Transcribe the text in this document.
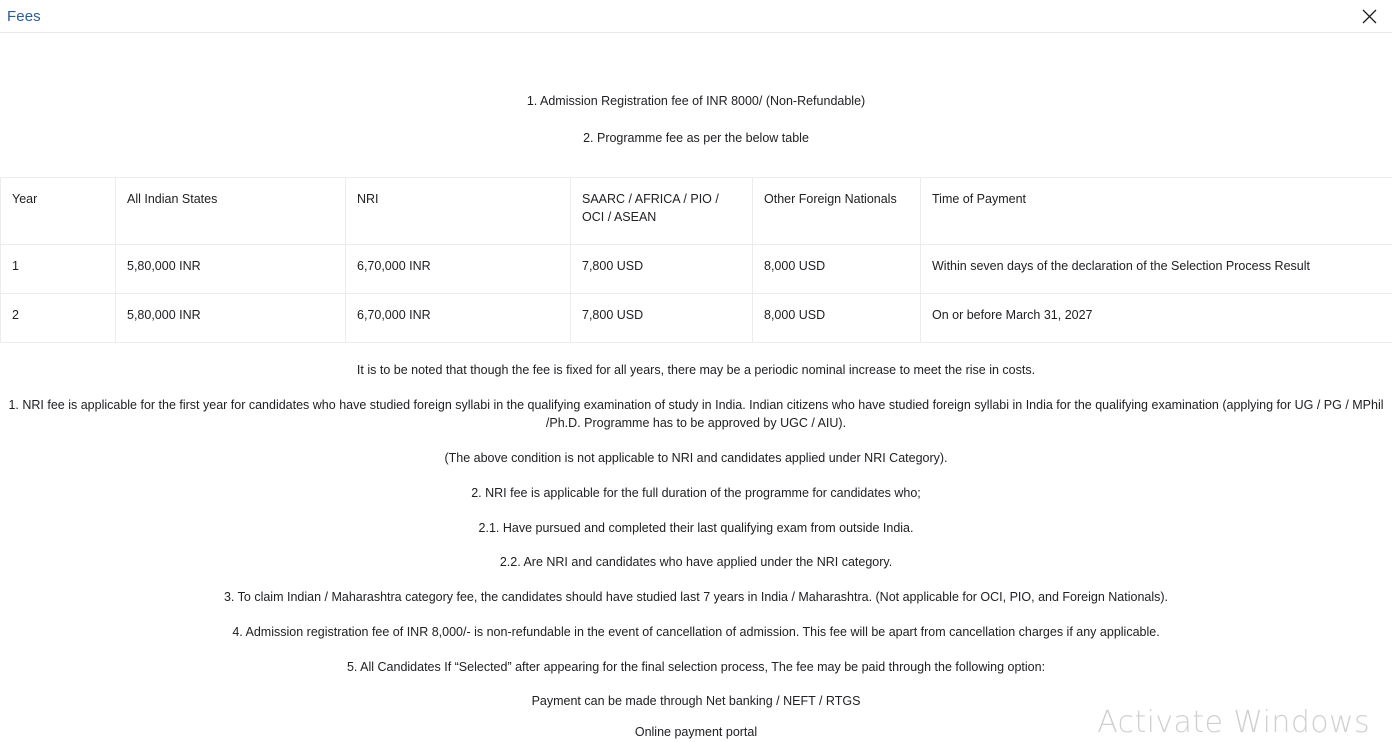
Fees
1. Admission Registration fee of INR 8000/ (Non-Refundable)
2. Programme fee as per the below table
Year	All Indian States	NRI	SAARC / AFRICA / PIO / OCI / ASEAN	Other Foreign Nationals	Time of Payment
1	5,80,000 INR	6,70,000 INR	7,800 USD	8,000 USD	Within seven days of the declaration of the Selection Process Result
2	5,80,000 INR	6,70,000 INR	7,800 USD	8,000 USD	On or before March 31, 2027
It is to be noted that though the fee is fixed for all years, there may be a periodic nominal increase to meet the rise in costs.
1. NRI fee is applicable for the first year for candidates who have studied foreign syllabi in the qualifying examination of study in India. Indian citizens who have studied foreign syllabi in India for the qualifying examination (applying for UG / PG / MPhil /Ph.D. Programme has to be approved by UGC / AIU).
(The above condition is not applicable to NRI and candidates applied under NRI Category).
2. NRI fee is applicable for the full duration of the programme for candidates who;
2.1. Have pursued and completed their last qualifying exam from outside India.
2.2. Are NRI and candidates who have applied under the NRI category.
3. To claim Indian / Maharashtra category fee, the candidates should have studied last 7 years in India / Maharashtra. (Not applicable for OCI, PIO, and Foreign Nationals).
4. Admission registration fee of INR 8,000/- is non-refundable in the event of cancellation of admission. This fee will be apart from cancellation charges if any applicable.
5. All Candidates If “Selected” after appearing for the final selection process, The fee may be paid through the following option:
Payment can be made through Net banking / NEFT / RTGS
Online payment portal	Activate Windows
